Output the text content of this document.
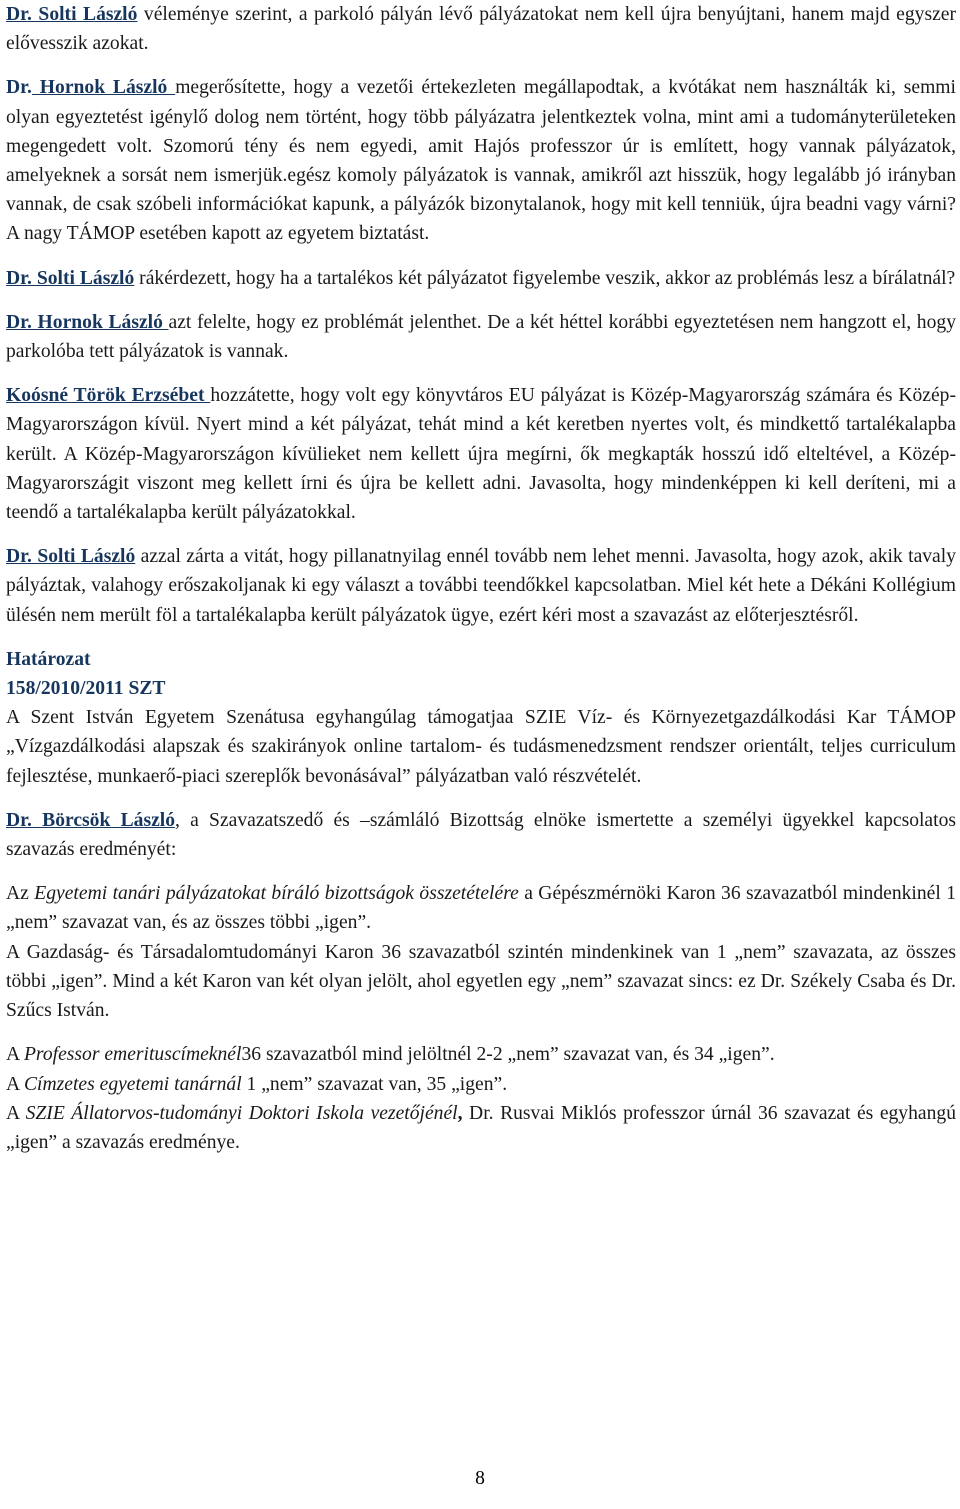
Dr. Solti László véleménye szerint, a parkoló pályán lévő pályázatokat nem kell újra benyújtani, hanem majd egyszer elővesszik azokat.

Dr. Hornok László megerősítette, hogy a vezetői értekezleten megállapodtak, a kvótákat nem használták ki, semmi olyan egyeztetést igénylő dolog nem történt, hogy több pályázatra jelentkeztek volna, mint ami a tudományterületeken megengedett volt. Szomorú tény és nem egyedi, amit Hajós professzor úr is említett, hogy vannak pályázatok, amelyeknek a sorsát nem ismerjük.egész komoly pályázatok is vannak, amikről azt hisszük, hogy legalább jó irányban vannak, de csak szóbeli információkat kapunk, a pályázók bizonytalanok, hogy mit kell tenniük, újra beadni vagy várni? A nagy TÁMOP esetében kapott az egyetem biztatást.

Dr. Solti László rákérdezett, hogy ha a tartalékos két pályázatot figyelembe veszik, akkor az problémás lesz a bírálatnál?

Dr. Hornok László azt felelte, hogy ez problémát jelenthet. De a két héttel korábbi egyeztetésen nem hangzott el, hogy parkolóba tett pályázatok is vannak.

Koósné Török Erzsébet hozzátette, hogy volt egy könyvtáros EU pályázat is Közép-Magyarország számára és Közép-Magyarországon kívül. Nyert mind a két pályázat, tehát mind a két keretben nyertes volt, és mindkettő tartalékalapba került. A Közép-Magyarországon kívülieket nem kellett újra megírni, ők megkapták hosszú idő elteltével, a Közép-Magyarországit viszont meg kellett írni és újra be kellett adni. Javasolta, hogy mindenképpen ki kell deríteni, mi a teendő a tartalékalapba került pályázatokkal.

Dr. Solti László azzal zárta a vitát, hogy pillanatnyilag ennél tovább nem lehet menni. Javasolta, hogy azok, akik tavaly pályáztak, valahogy erőszakoljanak ki egy választ a további teendőkkel kapcsolatban. Miel két hete a Dékáni Kollégium ülésén nem merült föl a tartalékalapba került pályázatok ügye, ezért kéri most a szavazást az előterjesztésről.

Határozat

158/2010/2011 SZT

A Szent István Egyetem Szenátusa egyhangúlag támogatjaa SZIE Víz- és Környezetgazdálkodási Kar TÁMOP „Vízgazdálkodási alapszak és szakirányok online tartalom- és tudásmenedzsment rendszer orientált, teljes curriculum fejlesztése, munkaerő-piaci szereplők bevonásával” pályázatban való részvételét.

Dr. Börcsök László, a Szavazatszedő és –számláló Bizottság elnöke ismertette a személyi ügyekkel kapcsolatos szavazás eredményét:

Az Egyetemi tanári pályázatokat bíráló bizottságok összetételére a Gépészmérnöki Karon 36 szavazatból mindenkinél 1 „nem” szavazat van, és az összes többi „igen”.

A Gazdaság- és Társadalomtudományi Karon 36 szavazatból szintén mindenkinek van 1 „nem” szavazata, az összes többi „igen”. Mind a két Karon van két olyan jelölt, ahol egyetlen egy „nem” szavazat sincs: ez Dr. Székely Csaba és Dr. Szűcs István.

A Professor emerituscímeknél36 szavazatból mind jelöltnél 2-2 „nem” szavazat van, és 34 „igen”.

A Címzetes egyetemi tanárnál 1 „nem” szavazat van, 35 „igen”.

A SZIE Állatorvos-tudományi Doktori Iskola vezetőjénél, Dr. Rusvai Miklós professzor úrnál 36 szavazat és egyhangú „igen” a szavazás eredménye.

8
